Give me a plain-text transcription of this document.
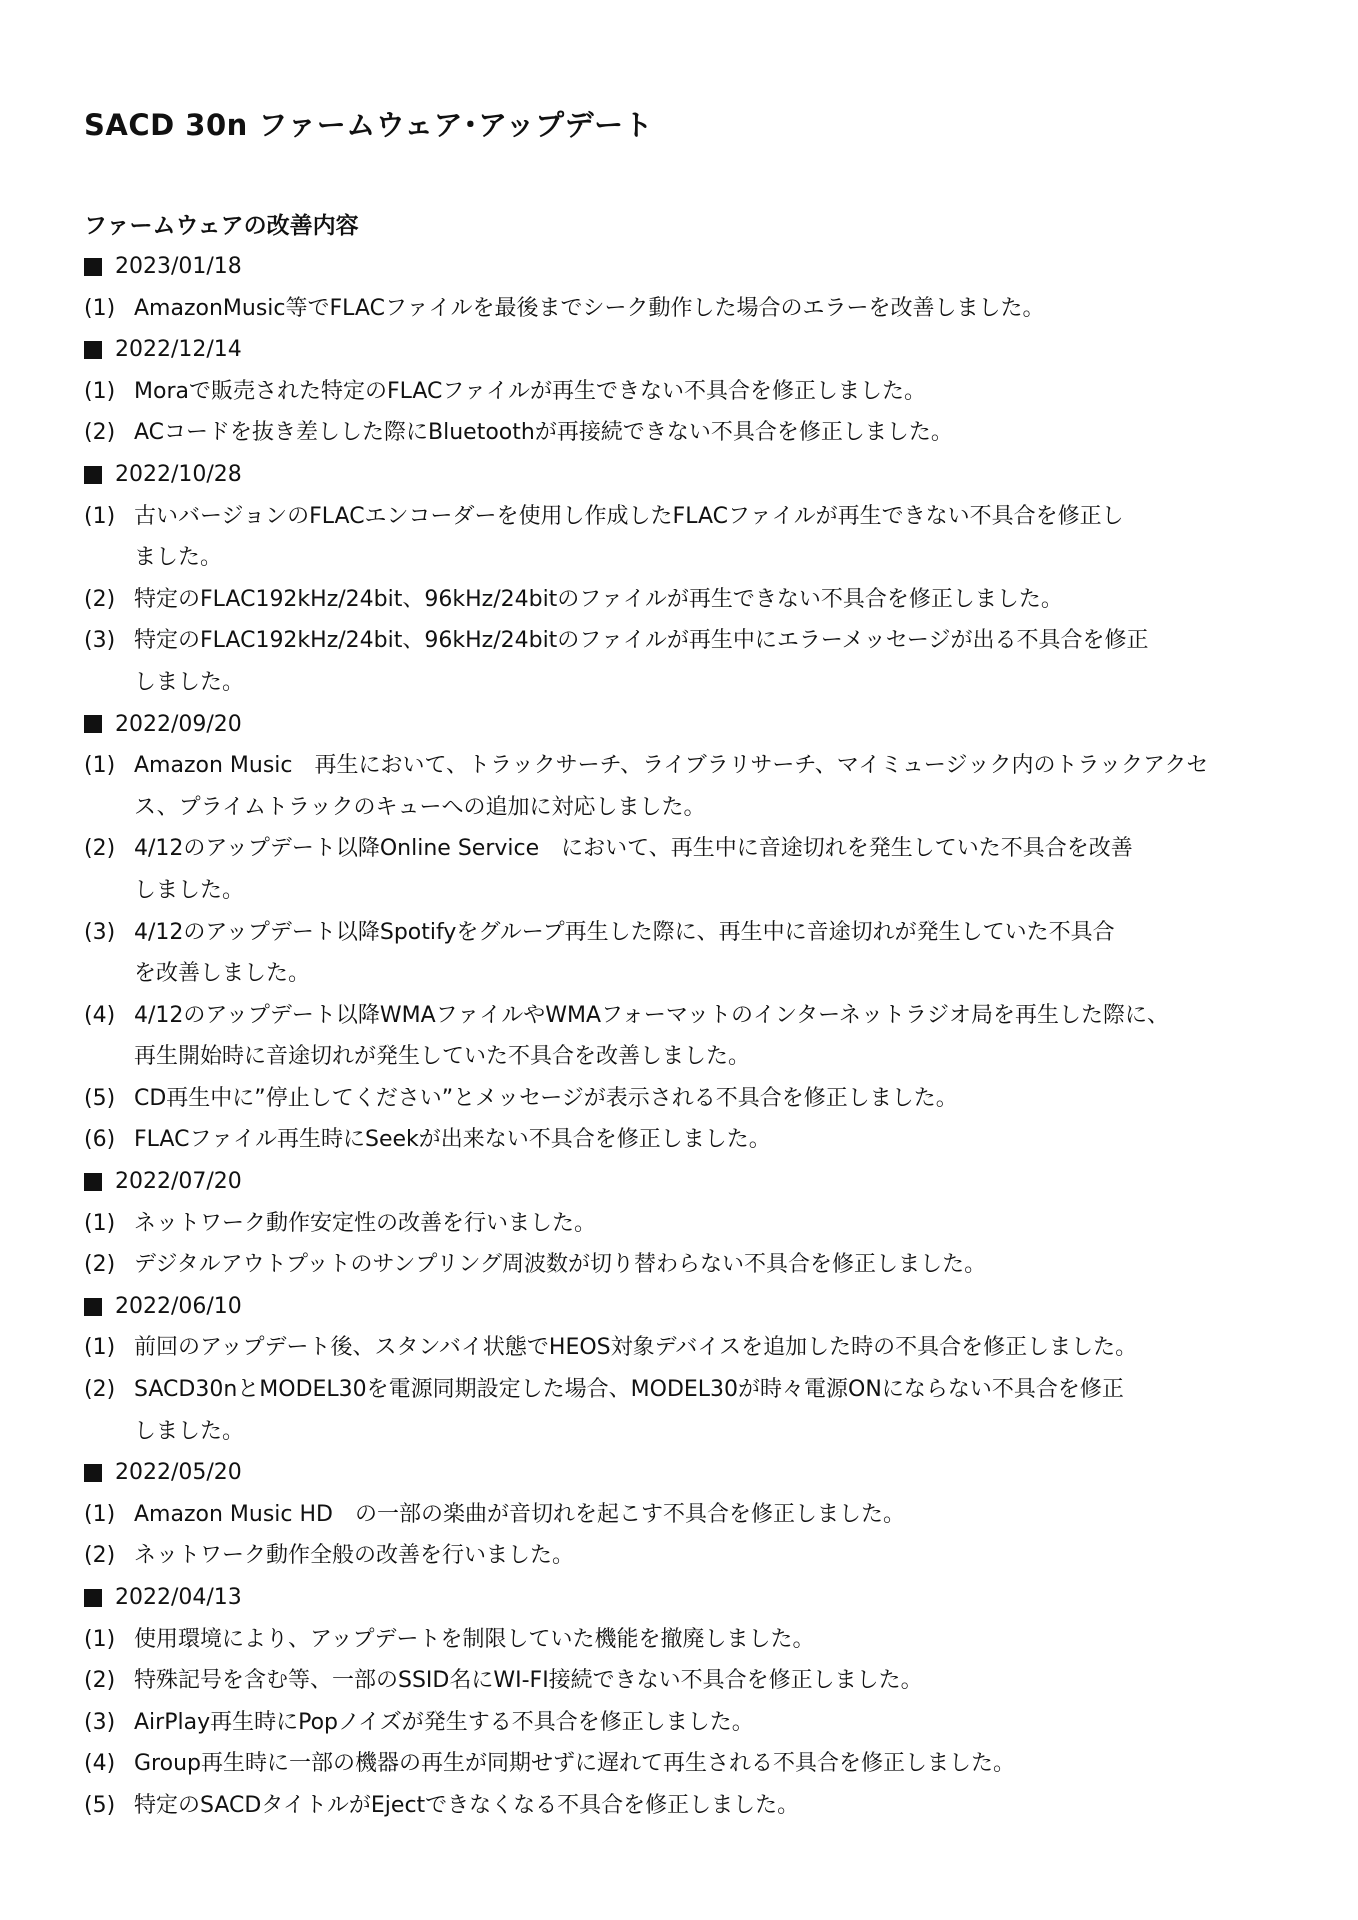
SACD 30n ファームウェア･アップデート
ファームウェアの改善内容
2023/01/18
(1) AmazonMusic等でFLACファイルを最後までシーク動作した場合のエラーを改善しました。
2022/12/14
(1) Moraで販売された特定のFLACファイルが再生できない不具合を修正しました。
(2) ACコードを抜き差しした際にBluetoothが再接続できない不具合を修正しました。
2022/10/28
(1) 古いバージョンのFLACエンコーダーを使用し作成したFLACファイルが再生できない不具合を修正し
ました。
(2) 特定のFLAC192kHz/24bit、96kHz/24bitのファイルが再生できない不具合を修正しました。
(3) 特定のFLAC192kHz/24bit、96kHz/24bitのファイルが再生中にエラーメッセージが出る不具合を修正
しました。
2022/09/20
(1) Amazon Music　再生において、トラックサーチ、ライブラリサーチ、マイミュージック内のトラックアクセ
ス、プライムトラックのキューへの追加に対応しました。
(2) 4/12のアップデート以降Online Service　において、再生中に音途切れを発生していた不具合を改善
しました。
(3) 4/12のアップデート以降Spotifyをグループ再生した際に、再生中に音途切れが発生していた不具合
を改善しました。
(4) 4/12のアップデート以降WMAファイルやWMAフォーマットのインターネットラジオ局を再生した際に、
再生開始時に音途切れが発生していた不具合を改善しました。
(5) CD再生中に”停止してください”とメッセージが表示される不具合を修正しました。
(6) FLACファイル再生時にSeekが出来ない不具合を修正しました。
2022/07/20
(1) ネットワーク動作安定性の改善を行いました。
(2) デジタルアウトプットのサンプリング周波数が切り替わらない不具合を修正しました。
2022/06/10
(1) 前回のアップデート後、スタンバイ状態でHEOS対象デバイスを追加した時の不具合を修正しました。
(2) SACD30nとMODEL30を電源同期設定した場合、MODEL30が時々電源ONにならない不具合を修正
しました。
2022/05/20
(1) Amazon Music HD　の一部の楽曲が音切れを起こす不具合を修正しました。
(2) ネットワーク動作全般の改善を行いました。
2022/04/13
(1) 使用環境により、アップデートを制限していた機能を撤廃しました。
(2) 特殊記号を含む等、一部のSSID名にWI-FI接続できない不具合を修正しました。
(3) AirPlay再生時にPopノイズが発生する不具合を修正しました。
(4) Group再生時に一部の機器の再生が同期せずに遅れて再生される不具合を修正しました。
(5) 特定のSACDタイトルがEjectできなくなる不具合を修正しました。
